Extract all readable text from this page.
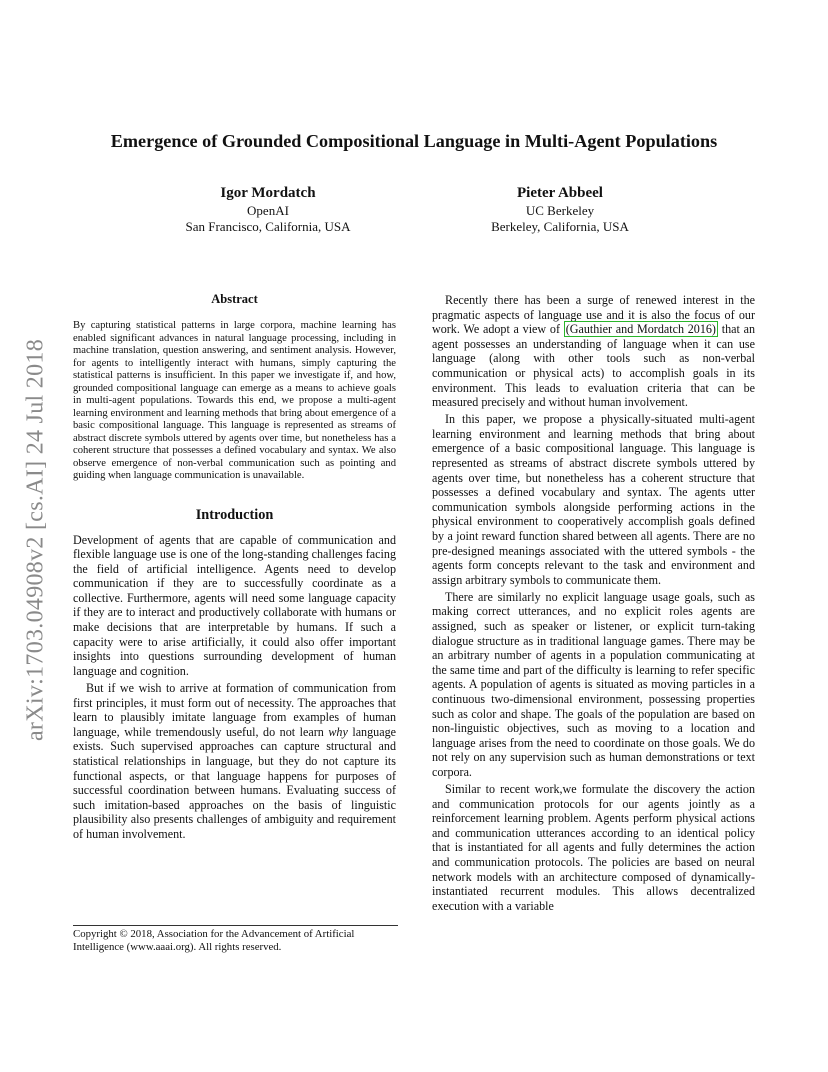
arXiv:1703.04908v2 [cs.AI] 24 Jul 2018
Emergence of Grounded Compositional Language in Multi-Agent Populations
Igor Mordatch
OpenAI
San Francisco, California, USA
Pieter Abbeel
UC Berkeley
Berkeley, California, USA
Abstract

By capturing statistical patterns in large corpora, machine learning has enabled significant advances in natural language processing, including in machine translation, question answering, and sentiment analysis. However, for agents to intelligently interact with humans, simply capturing the statistical patterns is insufficient. In this paper we investigate if, and how, grounded compositional language can emerge as a means to achieve goals in multi-agent populations. Towards this end, we propose a multi-agent learning environment and learning methods that bring about emergence of a basic compositional language. This language is represented as streams of abstract discrete symbols uttered by agents over time, but nonetheless has a coherent structure that possesses a defined vocabulary and syntax. We also observe emergence of non-verbal communication such as pointing and guiding when language communication is unavailable.

Introduction

Development of agents that are capable of communication and flexible language use is one of the long-standing challenges facing the field of artificial intelligence. Agents need to develop communication if they are to successfully coordinate as a collective. Furthermore, agents will need some language capacity if they are to interact and productively collaborate with humans or make decisions that are interpretable by humans. If such a capacity were to arise artificially, it could also offer important insights into questions surrounding development of human language and cognition.

But if we wish to arrive at formation of communication from first principles, it must form out of necessity. The approaches that learn to plausibly imitate language from examples of human language, while tremendously useful, do not learn why language exists. Such supervised approaches can capture structural and statistical relationships in language, but they do not capture its functional aspects, or that language happens for purposes of successful coordination between humans. Evaluating success of such imitation-based approaches on the basis of linguistic plausibility also presents challenges of ambiguity and requirement of human involvement.

Recently there has been a surge of renewed interest in the pragmatic aspects of language use and it is also the focus of our work. We adopt a view of (Gauthier and Mordatch 2016) that an agent possesses an understanding of language when it can use language (along with other tools such as non-verbal communication or physical acts) to accomplish goals in its environment. This leads to evaluation criteria that can be measured precisely and without human involvement.

In this paper, we propose a physically-situated multi-agent learning environment and learning methods that bring about emergence of a basic compositional language. This language is represented as streams of abstract discrete symbols uttered by agents over time, but nonetheless has a coherent structure that possesses a defined vocabulary and syntax. The agents utter communication symbols alongside performing actions in the physical environment to cooperatively accomplish goals defined by a joint reward function shared between all agents. There are no pre-designed meanings associated with the uttered symbols - the agents form concepts relevant to the task and environment and assign arbitrary symbols to communicate them.

There are similarly no explicit language usage goals, such as making correct utterances, and no explicit roles agents are assigned, such as speaker or listener, or explicit turn-taking dialogue structure as in traditional language games. There may be an arbitrary number of agents in a population communicating at the same time and part of the difficulty is learning to refer specific agents. A population of agents is situated as moving particles in a continuous two-dimensional environment, possessing properties such as color and shape. The goals of the population are based on non-linguistic objectives, such as moving to a location and language arises from the need to coordinate on those goals. We do not rely on any supervision such as human demonstrations or text corpora.

Similar to recent work,we formulate the discovery the action and communication protocols for our agents jointly as a reinforcement learning problem. Agents perform physical actions and communication utterances according to an identical policy that is instantiated for all agents and fully determines the action and communication protocols. The policies are based on neural network models with an architecture composed of dynamically-instantiated recurrent modules. This allows decentralized execution with a variable

Copyright © 2018, Association for the Advancement of Artificial Intelligence (www.aaai.org). All rights reserved.
